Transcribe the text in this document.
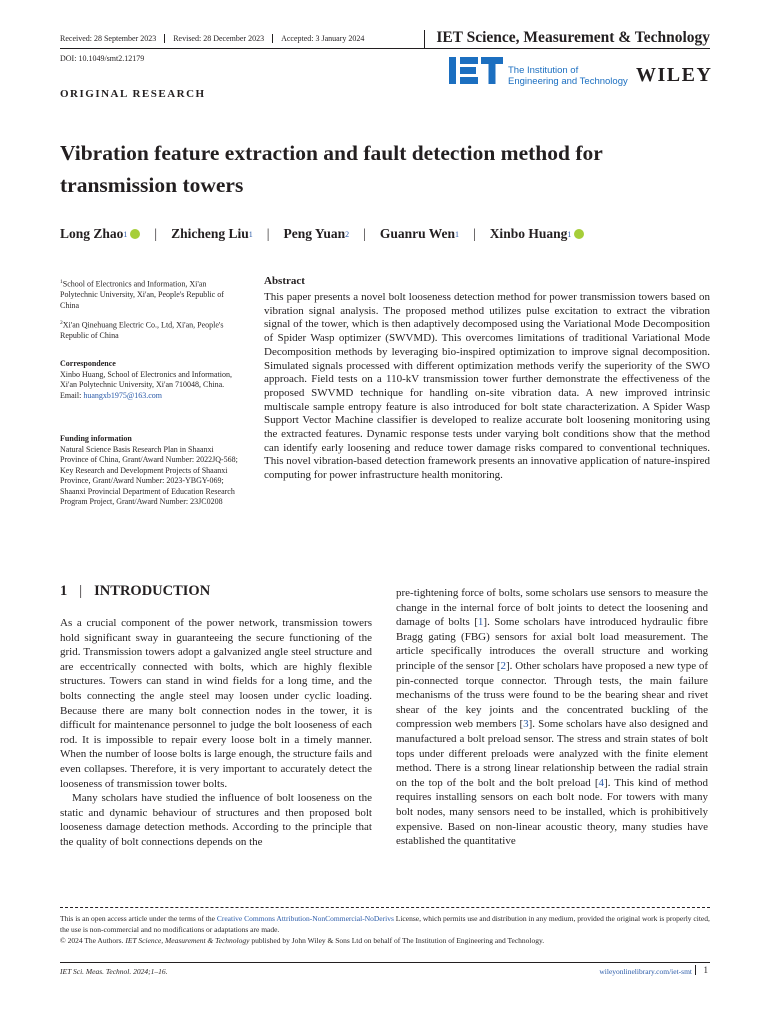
Received: 28 September 2023	Revised: 28 December 2023	Accepted: 3 January 2024	IET Science, Measurement & Technology
DOI: 10.1049/smt2.12179
The Institution of
Engineering and Technology WILEY
ORIGINAL RESEARCH
Vibration feature extraction and fault detection method for transmission towers
Long Zhao 1 | Zhicheng Liu 1 | Peng Yuan 2 | Guanru Wen 1 | Xinbo Huang 1
$^1$School of Electronics and Information, Xi'an Polytechnic University, Xi'an, People's Republic of China
$^2$Xi'an Qinehuang Electric Co., Ltd, Xi'an, People's Republic of China
Correspondence
Xinbo Huang, School of Electronics and Information, Xi'an Polytechnic University, Xi'an 710048, China.
Email: huangxb1975@163.com
Funding information
Natural Science Basis Research Plan in Shaanxi Province of China, Grant/Award Number: 2022JQ-568; Key Research and Development Projects of Shaanxi Province, Grant/Award Number: 2023-YBGY-069; Shaanxi Provincial Department of Education Research Program Project, Grant/Award Number: 23JC0208
Abstract
This paper presents a novel bolt looseness detection method for power transmission towers based on vibration signal analysis. The proposed method utilizes pulse excitation to extract the vibration signal of the tower, which is then adaptively decomposed using the Variational Mode Decomposition of Spider Wasp optimizer (SWVMD). This overcomes limitations of traditional Variational Mode Decomposition methods by leveraging bio-inspired optimization to improve signal decomposition. Simulated signals processed with different optimization methods verify the superiority of the SWO approach. Field tests on a 110-kV transmission tower further demonstrate the effectiveness of the proposed SWVMD technique for handling on-site vibration data. A new improved intrinsic multiscale sample entropy feature is also introduced for bolt state characterization. A Spider Wasp Support Vector Machine classifier is developed to realize accurate bolt loosening monitoring using the extracted features. Dynamic response tests under varying bolt conditions show that the method can identify early loosening and reduce tower damage risks compared to conventional techniques. This novel vibration-based detection framework presents an innovative application of nature-inspired computing for power infrastructure health monitoring.
1 | INTRODUCTION

As a crucial component of the power network, transmission towers hold significant sway in guaranteeing the secure functioning of the grid. Transmission towers adopt a galvanized angle steel structure and are eccentrically connected with bolts, which are highly flexible structures. Towers can stand in wind fields for a long time, and the bolts connecting the angle steel may loosen under cyclic loading. Because there are many bolt connection nodes in the tower, it is difficult for maintenance personnel to judge the bolt looseness of each rod. It is impossible to repair every loose bolt in a timely manner. When the number of loose bolts is large enough, the structure fails and even collapses. Therefore, it is very important to accurately detect the looseness of transmission tower bolts.

Many scholars have studied the influence of bolt looseness on the static and dynamic behaviour of structures and then proposed bolt looseness damage detection methods. According to the principle that the quality of bolt connections depends on the

pre-tightening force of bolts, some scholars use sensors to measure the change in the internal force of bolt joints to detect the loosening and damage of bolts [1]. Some scholars have introduced hydraulic fibre Bragg gating (FBG) sensors for axial bolt load measurement. The article specifically introduces the overall structure and working principle of the sensor [2]. Other scholars have proposed a new type of pin-connected torque connector. Through tests, the main failure mechanisms of the truss were found to be the bearing shear and rivet shear of the key joints and the concentrated buckling of the compression web members [3]. Some scholars have also designed and manufactured a bolt preload sensor. The stress and strain states of bolt tops under different preloads were analyzed with the finite element method. There is a strong linear relationship between the radial strain on the top of the bolt and the bolt preload [4]. This kind of method requires installing sensors on each bolt node. For towers with many bolt nodes, many sensors need to be installed, which is prohibitively expensive. Based on non-linear acoustic theory, many studies have established the quantitative

This is an open access article under the terms of the Creative Commons Attribution-NonCommercial-NoDerivs License, which permits use and distribution in any medium, provided the original work is properly cited, the use is non-commercial and no modifications or adaptations are made.
© 2024 The Authors. IET Science, Measurement & Technology published by John Wiley & Sons Ltd on behalf of The Institution of Engineering and Technology.
IET Sci. Meas. Technol. 2024;1–16.	wileyonlinelibrary.com/iet-smt	1
